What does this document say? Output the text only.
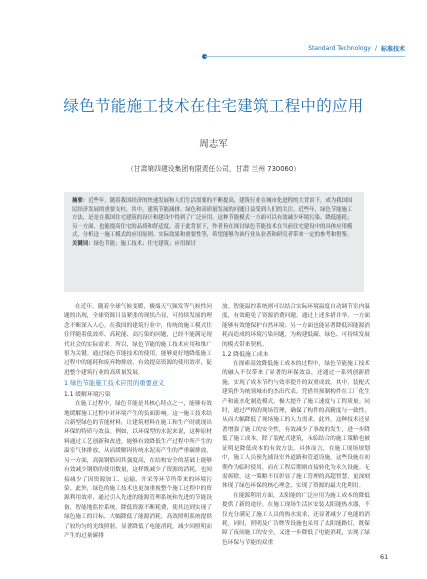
Standard Technology / 标准技术
绿色节能施工技术在住宅建筑工程中的应用
周志军
（甘肃第四建设集团有限责任公司，甘肃 兰州 730060）

摘要：近些年，随着我国经济的快速发展和人们生活需要的不断提高，建筑行业在城市化进程的大背景下，成为我国国民经济发展的重要支柱。其中，建筑节能减排、绿色和高质量发展的问题日益受到人们的关注。近些年，绿色节能施工方法，是是在我国住宅建筑的设计和建设中得到了广泛应用。这种节能模式一方面可以有效减少环境污染、降低能耗；另一方面，也能提高住宅的品质和舒适度。基于此背景下，作者旨在探讨绿色节能技术在当前住宅建设中的具体应用模式，分析这一施工模式的应用原则、实际效果和重要性等，希望能够为该行业从业者和研究者带来一定的参考和借鉴。

关键词：绿色节能；施工技术；住宅建筑；应用探讨

在近年，随着全球气候变暖、极端天气频发等气候性问题的出现，全球资源日益紧张的现状凸显，可持续发展的理念不断深入人心。在我国的建筑行业中，传统的施工模式往往伴随着低效率、高耗能、高污染的问题，已经不能满足现代社会的实际需求。所以，绿色节能的施工技术应用和推广很为关键。通过绿色节能技术的使用，能够更好地降低施工过程中的能耗和废弃物排放，有效提高资源的使用效率，促进整个建筑行业的高质量发展。

1 绿色节能施工技术应用的重要意义
1.1 缓解环境污染

在施工过程中，绿色节能是其核心特点之一，能够有效地缓解施工过程中对环境产生的负面影响。这一施工技术结合新型绿色的节能材料，让建筑材料在施工和生产时就现出环保的特质与效益。例如，以环保型的水泥来说，这种原材料通过工艺创新和改进，能够有效降低生产过程中所产生的温室气体排放，从而缓解因传统水泥而产生的严重碳排放。另一方面，高强钢筋因其强度高，在结构安全的基础上能够有效减少钢筋的使用数量，这样既减少了资源的消耗，也间接减少了因资源加工、运输、开采等环节所带来的环境污染。此外，绿色的施工技术也更加重视整个施工过程中的资源利用效率，通过引入先进的能源管理系统和先进的节能设备，智能地监控系统，降低资源不断耗费，使其达到实现了绿色施工的目标。大幅降低了能源消耗。高效照明系统提供了较均匀的光线照射，显著降低了电能消耗，减少因照明而产生的过量碳排

放。智能温控系统则可以结合实际环境温度自动调节室内温度，有效避免了资源消费问题。通过上述多措并举，一方面能够有效地保护自然环境；另一方面也能显著降低因能源消耗而造成的环境污染问题，为构建低碳、绿色、可持续发展的模式带来契机。

1.2 降低施工成本

在探索高效降低施工成本的过程中，绿色节能施工技术的融入不仅带来了显著的环保效益，还通过一系列创新措施，实现了成本节约与效率提升的双重成效。其中，装配式建筑作为统领城市的杰出代表，凭借其预制构件在工厂化生产和流水化制造模式，极大提升了施工速度与工程质量；同时，通过严格的现场管理，确保了构件的高精度与一致性，从而大幅降低了现场施工的人力需求。此外，这种技术还显著增强了施工的安全性，有效减少了事故的发生，进一步降低了施工成本。除了装配式建筑，永临结合的施工策略也被证明是降低成本的有效方法。具体而言，在施工现场规划中，施工人员预先铺设室外道路和管道设施，这些设施在初期作为临时使用，而在工程后期则直接转化为永久设施。无需拆除，这一策略不仅彰显了施工管理的高超智慧，更深刻体现了绿色环保的核心理念，实现了资源的最大化利用。

在能源利用方面，太阳能的广泛应用为施工成本的降低提供了新的途径。在施工现场生活区安装太阳能热水器，不仅充分满足了施工人员的热水需求，还显著减少了电能的消耗。同时，照明及广告牌等设施也采用了太阳能路灯，既保障了夜间施工的安全，又进一步降低了电能消耗，实现了绿色环保与节能的双重

61
